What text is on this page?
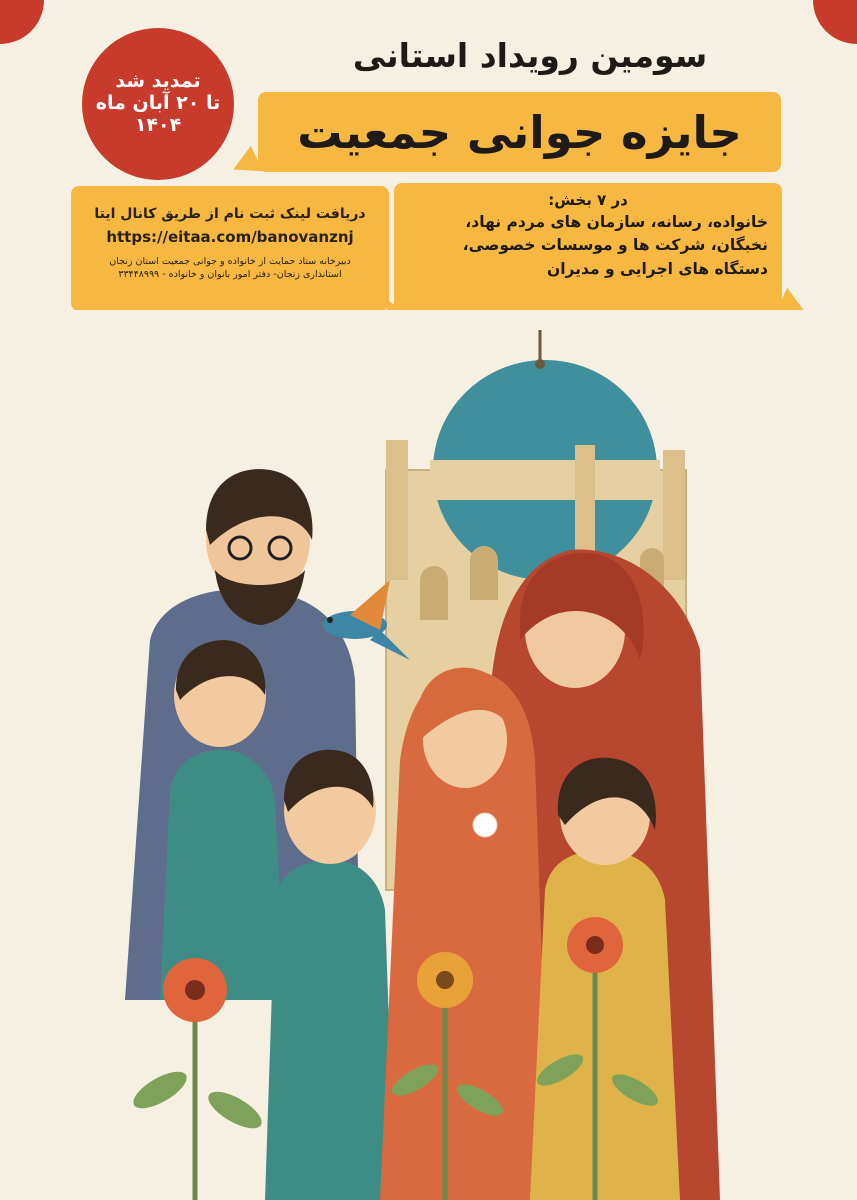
تمدید شد
تا ۲۰ آبان ماه
۱۴۰۴
سومین رویداد استانی
جایزه جوانی جمعیت
دریافت لینک ثبت نام از طریق کانال ایتا
https://eitaa.com/banovanznj
دبیرخانه ستاد حمایت از خانواده و جوانی جمعیت استان زنجان
استانداری زنجان- دفتر امور بانوان و خانواده - ۳۳۴۴۸۹۹۹
در ۷ بخش:
خانواده، رسانه، سازمان های مردم نهاد،
نخبگان، شرکت ها و موسسات خصوصی،
دستگاه های اجرایی و مدیران
